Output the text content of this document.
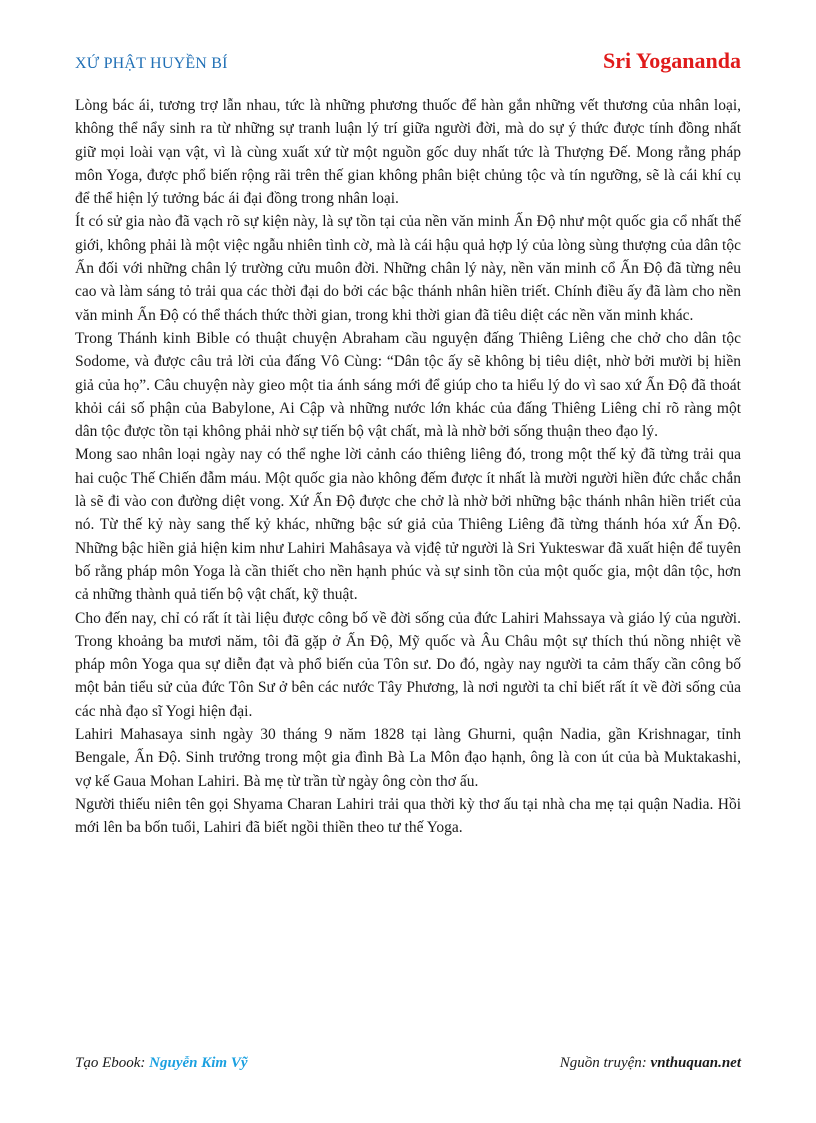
XỨ PHẬT HUYỀN BÍ	Sri Yogananda

Lòng bác ái, tương trợ lẫn nhau, tức là những phương thuốc để hàn gắn những vết thương của nhân loại, không thể nẩy sinh ra từ những sự tranh luận lý trí giữa người đời, mà do sự ý thức được tính đồng nhất giữ mọi loài vạn vật, vì là cùng xuất xứ từ một nguồn gốc duy nhất tức là Thượng Đế. Mong rằng pháp môn Yoga, được phổ biến rộng rãi trên thế gian không phân biệt chủng tộc và tín ngưỡng, sẽ là cái khí cụ để thể hiện lý tưởng bác ái đại đồng trong nhân loại.

Ít có sử gia nào đã vạch rõ sự kiện này, là sự tồn tại của nền văn minh Ấn Độ như một quốc gia cổ nhất thế giới, không phải là một việc ngẫu nhiên tình cờ, mà là cái hậu quả hợp lý của lòng sùng thượng của dân tộc Ấn đối với những chân lý trường cửu muôn đời. Những chân lý này, nền văn minh cổ Ấn Độ đã từng nêu cao và làm sáng tỏ trải qua các thời đại do bởi các bậc thánh nhân hiền triết. Chính điều ấy đã làm cho nền văn minh Ấn Độ có thể thách thức thời gian, trong khi thời gian đã tiêu diệt các nền văn minh khác.

Trong Thánh kinh Bible có thuật chuyện Abraham cầu nguyện đấng Thiêng Liêng che chở cho dân tộc Sodome, và được câu trả lời của đấng Vô Cùng: “Dân tộc ấy sẽ không bị tiêu diệt, nhờ bởi mười bị hiền giả của họ”. Câu chuyện này gieo một tia ánh sáng mới để giúp cho ta hiểu lý do vì sao xứ Ấn Độ đã thoát khỏi cái số phận của Babylone, Ai Cập và những nước lớn khác của đấng Thiêng Liêng chỉ rõ ràng một dân tộc được tồn tại không phải nhờ sự tiến bộ vật chất, mà là nhờ bởi sống thuận theo đạo lý.

Mong sao nhân loại ngày nay có thể nghe lời cảnh cáo thiêng liêng đó, trong một thế kỷ đã từng trải qua hai cuộc Thế Chiến đẫm máu. Một quốc gia nào không đếm được ít nhất là mười người hiền đức chắc chắn là sẽ đi vào con đường diệt vong. Xứ Ấn Độ được che chở là nhờ bởi những bậc thánh nhân hiền triết của nó. Từ thế kỷ này sang thế kỷ khác, những bậc sứ giả của Thiêng Liêng đã từng thánh hóa xứ Ấn Độ. Những bậc hiền giả hiện kim như Lahiri Mahâsaya và vịđệ tử người là Sri Yukteswar đã xuất hiện để tuyên bố rằng pháp môn Yoga là cần thiết cho nền hạnh phúc và sự sinh tồn của một quốc gia, một dân tộc, hơn cả những thành quả tiến bộ vật chất, kỹ thuật.

Cho đến nay, chỉ có rất ít tài liệu được công bố về đời sống của đức Lahiri Mahssaya và giáo lý của người. Trong khoảng ba mươi năm, tôi đã gặp ở Ấn Độ, Mỹ quốc và Âu Châu một sự thích thú nồng nhiệt về pháp môn Yoga qua sự diễn đạt và phổ biến của Tôn sư. Do đó, ngày nay người ta cảm thấy cần công bố một bản tiểu sử của đức Tôn Sư ở bên các nước Tây Phương, là nơi người ta chỉ biết rất ít về đời sống của các nhà đạo sĩ Yogi hiện đại.

Lahiri Mahasaya sinh ngày 30 tháng 9 năm 1828 tại làng Ghurni, quận Nadia, gần Krishnagar, tỉnh Bengale, Ấn Độ. Sinh trưởng trong một gia đình Bà La Môn đạo hạnh, ông là con út của bà Muktakashi, vợ kế Gaua Mohan Lahiri. Bà mẹ từ trần từ ngày ông còn thơ ấu.

Người thiếu niên tên gọi Shyama Charan Lahiri trải qua thời kỳ thơ ấu tại nhà cha mẹ tại quận Nadia. Hồi mới lên ba bốn tuổi, Lahiri đã biết ngồi thiền theo tư thế Yoga.

Tạo Ebook: Nguyễn Kim Vỹ	Nguồn truyện: vnthuquan.net
